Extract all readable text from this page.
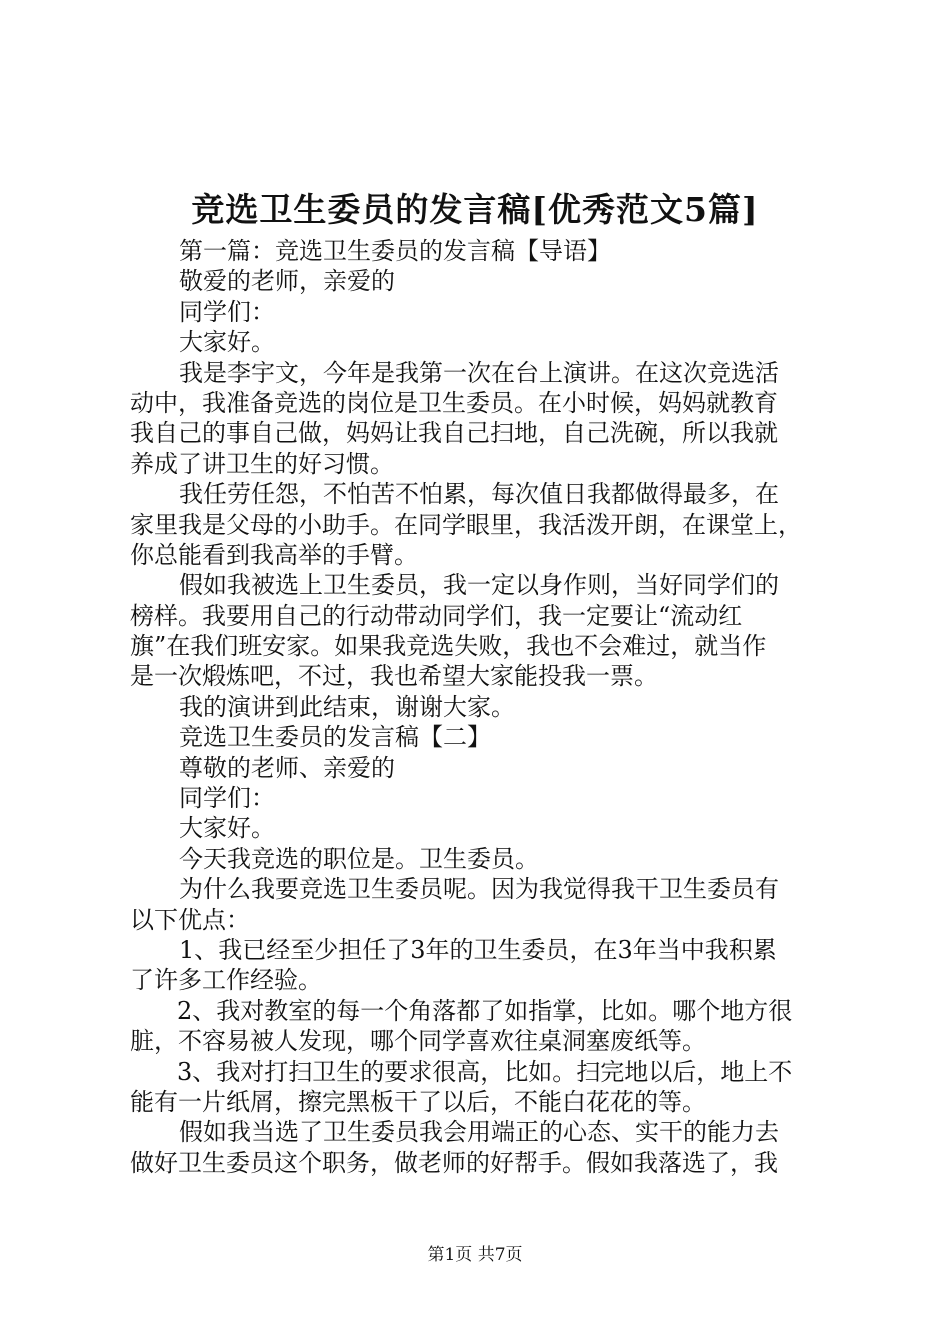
竞选卫生委员的发言稿[优秀范文5篇]
第一篇：竞选卫生委员的发言稿【导语】
敬爱的老师，亲爱的
同学们：
大家好。
我是李宇文，今年是我第一次在台上演讲。在这次竞选活
动中，我准备竞选的岗位是卫生委员。在小时候，妈妈就教育
我自己的事自己做，妈妈让我自己扫地，自己洗碗，所以我就
养成了讲卫生的好习惯。
我任劳任怨，不怕苦不怕累，每次值日我都做得最多，在
家里我是父母的小助手。在同学眼里，我活泼开朗，在课堂上，
你总能看到我高举的手臂。
假如我被选上卫生委员，我一定以身作则，当好同学们的
榜样。我要用自己的行动带动同学们，我一定要让“流动红
旗”在我们班安家。如果我竞选失败，我也不会难过，就当作
是一次煅炼吧，不过，我也希望大家能投我一票。
我的演讲到此结束，谢谢大家。
竞选卫生委员的发言稿【二】
尊敬的老师、亲爱的
同学们：
大家好。
今天我竞选的职位是。卫生委员。
为什么我要竞选卫生委员呢。因为我觉得我干卫生委员有
以下优点：
1、我已经至少担任了3年的卫生委员，在3年当中我积累
了许多工作经验。
2、我对教室的每一个角落都了如指掌，比如。哪个地方很
脏，不容易被人发现，哪个同学喜欢往桌洞塞废纸等。
3、我对打扫卫生的要求很高，比如。扫完地以后，地上不
能有一片纸屑，擦完黑板干了以后，不能白花花的等。
假如我当选了卫生委员我会用端正的心态、实干的能力去
做好卫生委员这个职务，做老师的好帮手。假如我落选了，我
第1页 共7页
